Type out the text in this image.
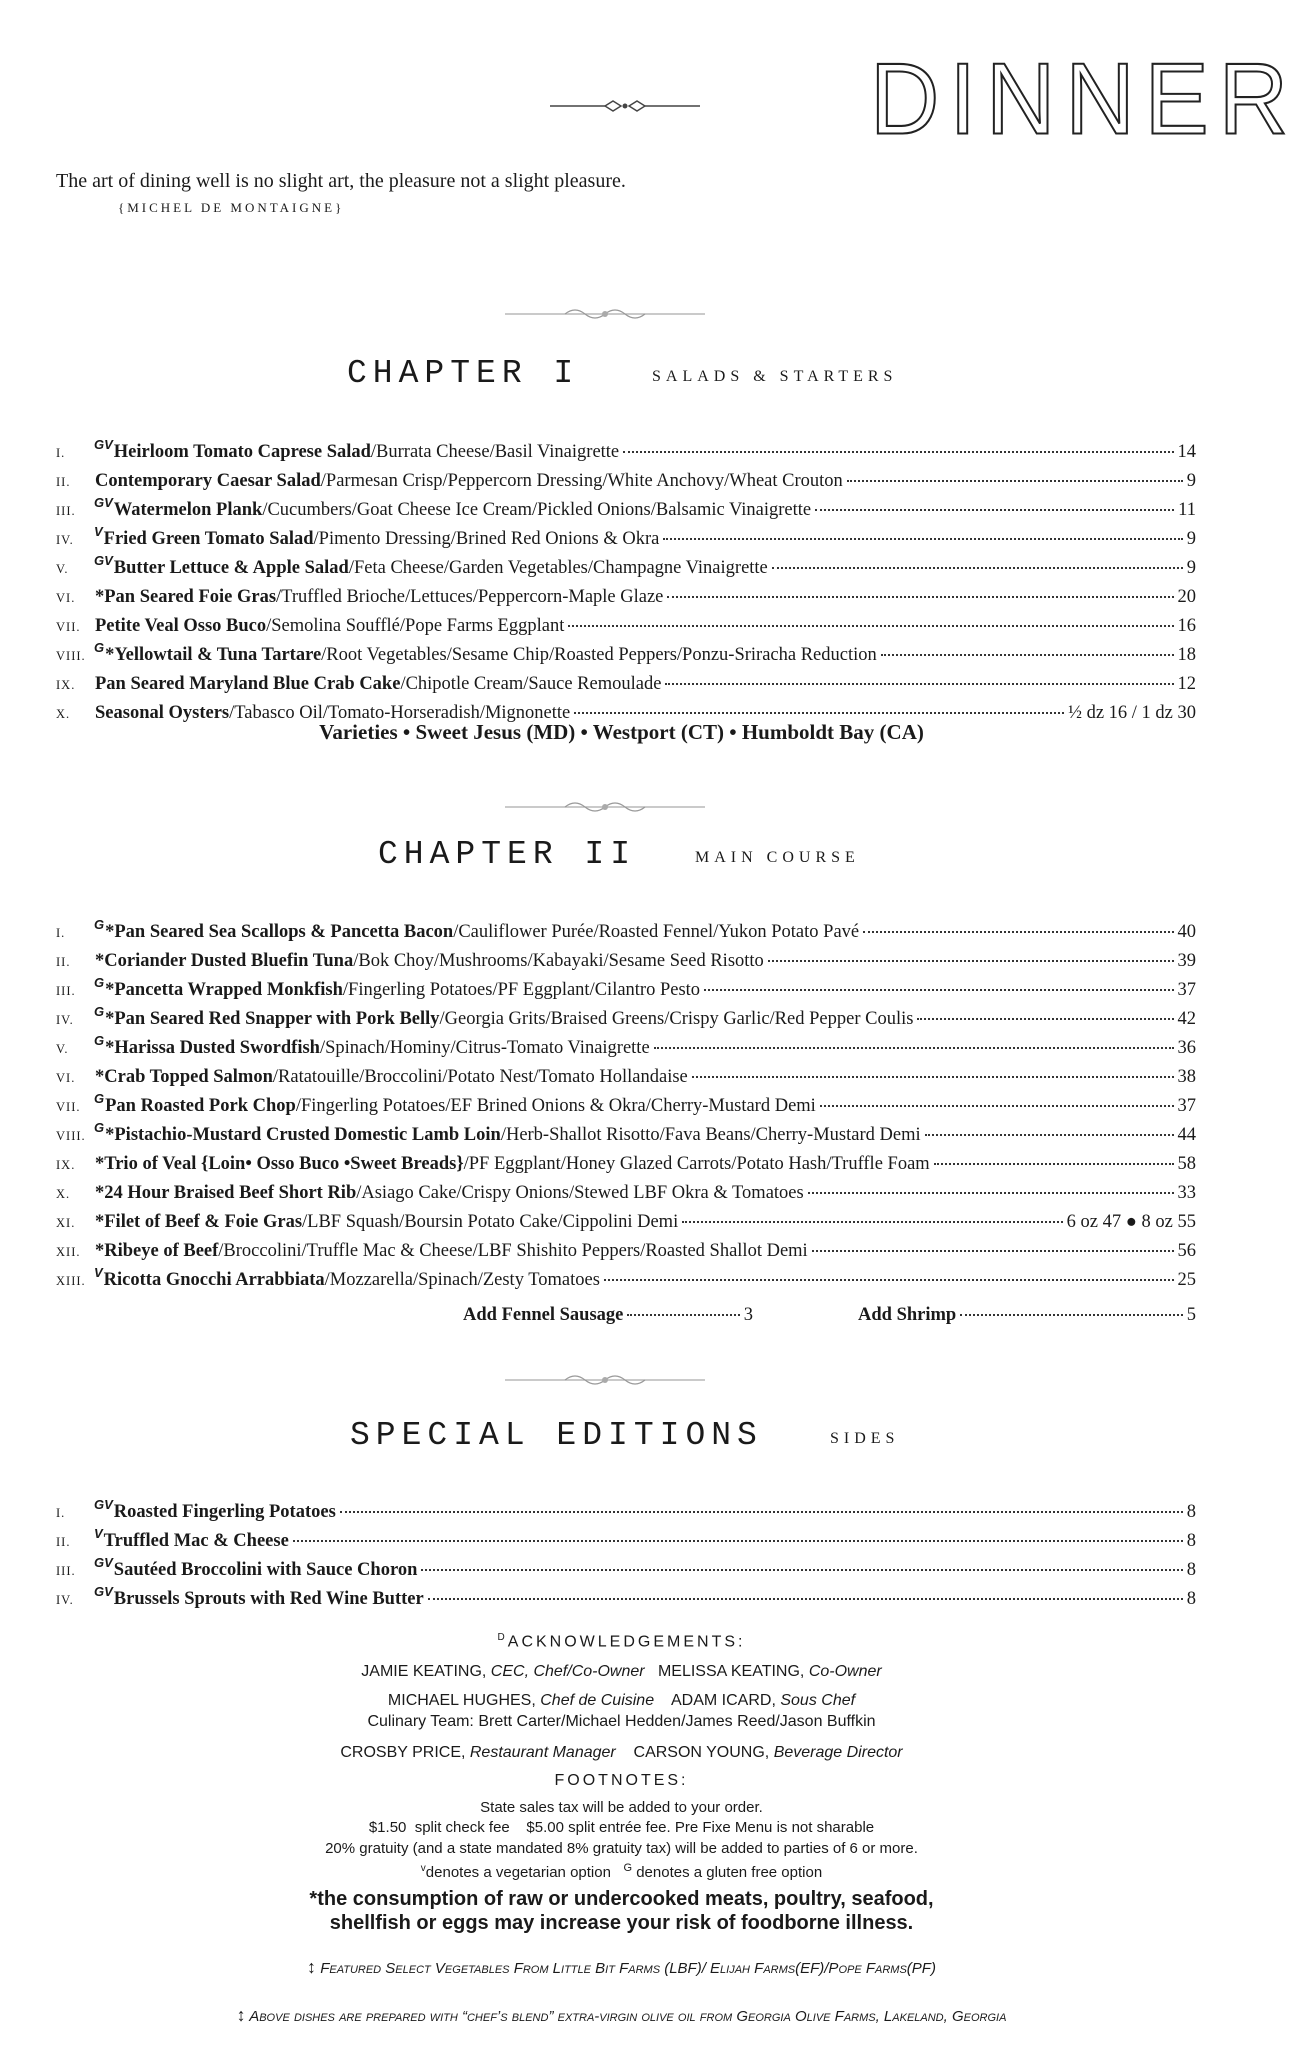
DINNER
The art of dining well is no slight art, the pleasure not a slight pleasure.
{MICHEL DE MONTAIGNE}
CHAPTER I	SALADS & STARTERS
I.
GV Heirloom Tomato Caprese Salad /Burrata Cheese/Basil Vinaigrette	14
II.	Contemporary Caesar Salad /Parmesan Crisp/Peppercorn Dressing/White Anchovy/Wheat Crouton	9
III.
GV Watermelon Plank /Cucumbers/Goat Cheese Ice Cream/Pickled Onions/Balsamic Vinaigrette	11
IV.
V Fried Green Tomato Salad /Pimento Dressing/Brined Red Onions & Okra	9
V.
GV Butter Lettuce & Apple Salad /Feta Cheese/Garden Vegetables/Champagne Vinaigrette	9
VI.	*Pan Seared Foie Gras /Truffled Brioche/Lettuces/Peppercorn-Maple Glaze	20
VII. Petite Veal Osso Buco /Semolina Soufflé/Pope Farms Eggplant	16
VIII.
G *Yellowtail & Tuna Tartare /Root Vegetables/Sesame Chip/Roasted Peppers/Ponzu-Sriracha Reduction	18
IX.	Pan Seared Maryland Blue Crab Cake /Chipotle Cream/Sauce Remoulade	12
X.	Seasonal Oysters /Tabasco Oil/Tomato-Horseradish/Mignonette	½ dz 16 / 1 dz 30
Varieties • Sweet Jesus (MD) • Westport (CT) • Humboldt Bay (CA)
CHAPTER II	MAIN COURSE
I.
G *Pan Seared Sea Scallops & Pancetta Bacon /Cauliflower Purée/Roasted Fennel/Yukon Potato Pavé	40
II.	*Coriander Dusted Bluefin Tuna /Bok Choy/Mushrooms/Kabayaki/Sesame Seed Risotto	39
III.
G *Pancetta Wrapped Monkfish /Fingerling Potatoes/PF Eggplant/Cilantro Pesto	37
IV.
G *Pan Seared Red Snapper with Pork Belly /Georgia Grits/Braised Greens/Crispy Garlic/Red Pepper Coulis	42
V.
G *Harissa Dusted Swordfish /Spinach/Hominy/Citrus-Tomato Vinaigrette	36
VI.	*Crab Topped Salmon /Ratatouille/Broccolini/Potato Nest/Tomato Hollandaise	38
VII.
G Pan Roasted Pork Chop /Fingerling Potatoes/EF Brined Onions & Okra/Cherry-Mustard Demi	37
VIII.
G *Pistachio-Mustard Crusted Domestic Lamb Loin /Herb-Shallot Risotto/Fava Beans/Cherry-Mustard Demi	44
IX.	*Trio of Veal {Loin• Osso Buco •Sweet Breads} /PF Eggplant/Honey Glazed Carrots/Potato Hash/Truffle Foam	58
X.	*24 Hour Braised Beef Short Rib /Asiago Cake/Crispy Onions/Stewed LBF Okra & Tomatoes	33
XI.	*Filet of Beef & Foie Gras /LBF Squash/Boursin Potato Cake/Cippolini Demi	6 oz 47 ● 8 oz 55
XII. *Ribeye of Beef /Broccolini/Truffle Mac & Cheese/LBF Shishito Peppers/Roasted Shallot Demi	56
XIII.
V Ricotta Gnocchi Arrabbiata /Mozzarella/Spinach/Zesty Tomatoes	25
Add Fennel Sausage	3	Add Shrimp	5
SPECIAL EDITIONS	SIDES
I.
GV Roasted Fingerling Potatoes	8
II.
V Truffled Mac & Cheese	8
III.
GV Sautéed Broccolini with Sauce Choron	8
IV.
GV Brussels Sprouts with Red Wine Butter	8
$^D$ACKNOWLEDGEMENTS:
JAMIE KEATING, CEC, Chef/Co-Owner MELISSA KEATING, Co-Owner
MICHAEL HUGHES, Chef de Cuisine ADAM ICARD, Sous Chef
Culinary Team: Brett Carter/Michael Hedden/James Reed/Jason Buffkin
CROSBY PRICE, Restaurant Manager CARSON YOUNG, Beverage Director
FOOTNOTES:
State sales tax will be added to your order.
$1.50  split check fee    $5.00 split entrée fee. Pre Fixe Menu is not sharable
20% gratuity (and a state mandated 8% gratuity tax) will be added to parties of 6 or more.
$^v$denotes a vegetarian option $^G$ denotes a gluten free option
*the consumption of raw or undercooked meats, poultry, seafood,
shellfish or eggs may increase your risk of foodborne illness.
↕ Featured Select Vegetables From Little Bit Farms (LBF)/ Elijah Farms(EF)/Pope Farms(PF)
↕ Above dishes are prepared with “chef’s blend” extra-virgin olive oil from Georgia Olive Farms, Lakeland, Georgia
